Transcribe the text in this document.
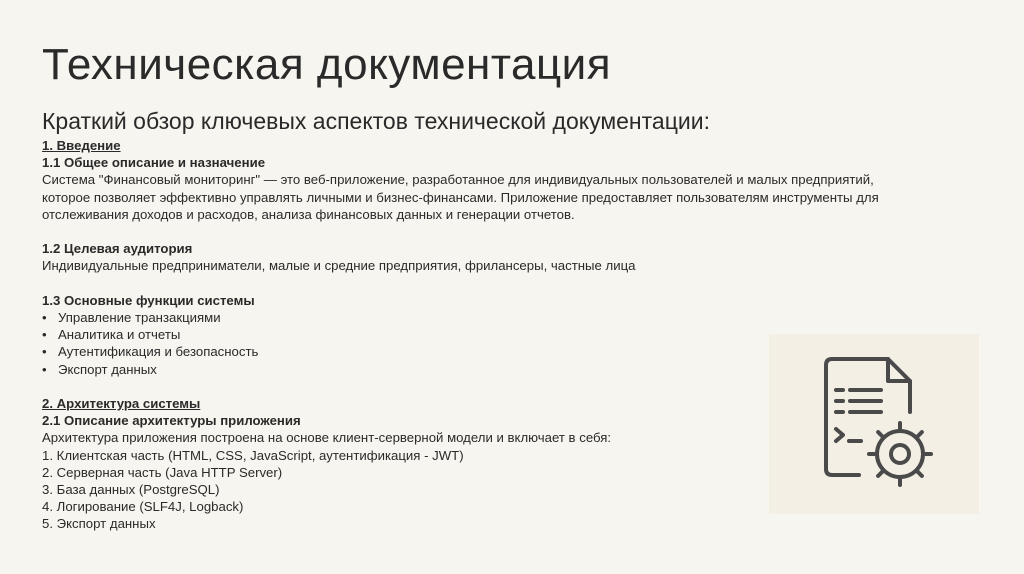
Техническая документация
Краткий обзор ключевых аспектов технической документации:
1. Введение
1.1 Общее описание и назначение
Система "Финансовый мониторинг" — это веб-приложение, разработанное для индивидуальных пользователей и малых предприятий,
которое позволяет эффективно управлять личными и бизнес-финансами. Приложение предоставляет пользователям инструменты для
отслеживания доходов и расходов, анализа финансовых данных и генерации отчетов.
1.2 Целевая аудитория
Индивидуальные предприниматели, малые и средние предприятия, фрилансеры, частные лица
1.3 Основные функции системы
• Управление транзакциями
• Аналитика и отчеты
• Аутентификация и безопасность
• Экспорт данных
2. Архитектура системы
2.1 Описание архитектуры приложения
Архитектура приложения построена на основе клиент-серверной модели и включает в себя:
1. Клиентская часть (HTML, CSS, JavaScript, аутентификация - JWT)
2. Серверная часть (Java HTTP Server)
3. База данных (PostgreSQL)
4. Логирование (SLF4J, Logback)
5. Экспорт данных
